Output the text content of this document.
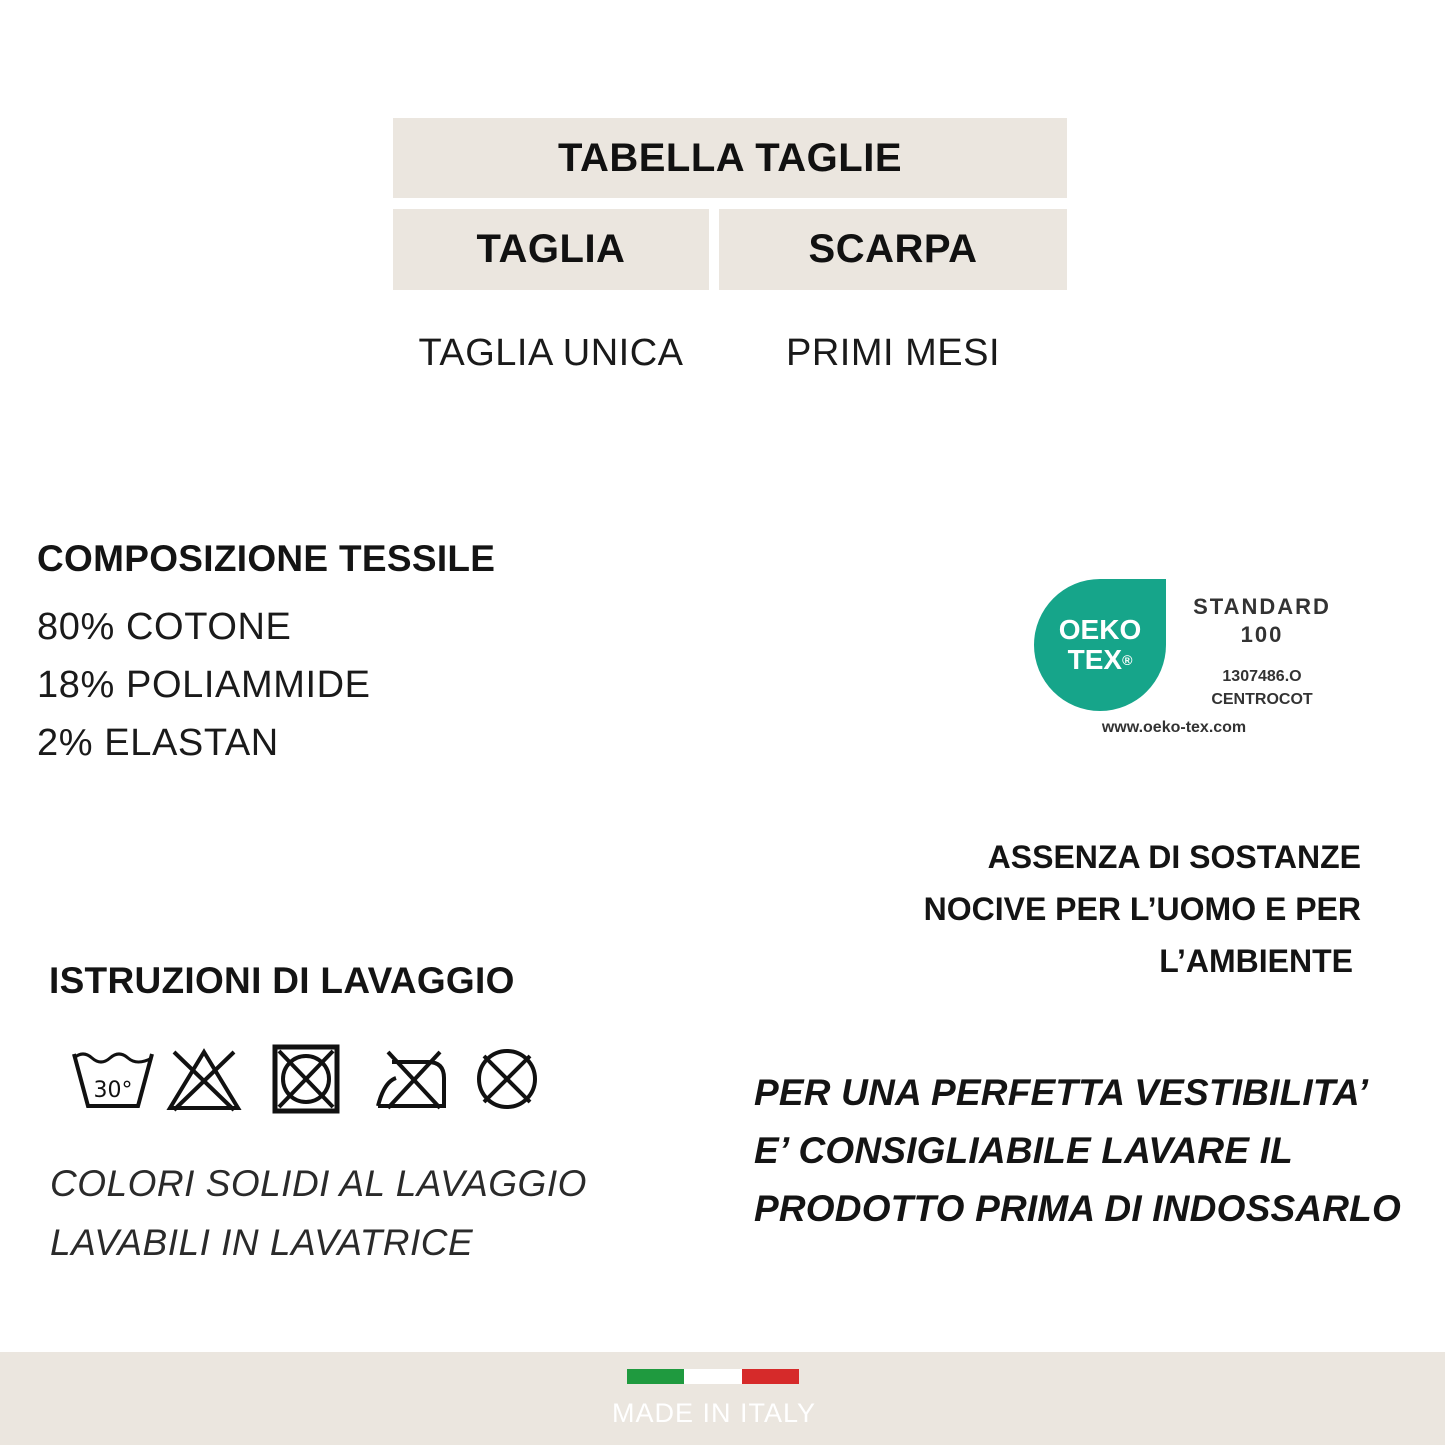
TABELLA TAGLIE
TAGLIA	SCARPA
TAGLIA UNICA	PRIMI MESI
COMPOSIZIONE TESSILE
80% COTONE
18% POLIAMMIDE
2% ELASTAN
OEKO
TEX®
STANDARD
100
1307486.O
CENTROCOT
www.oeko-tex.com
ASSENZA DI SOSTANZE
NOCIVE PER L’UOMO E PER
L’AMBIENTE
ISTRUZIONI DI LAVAGGIO
30°
COLORI SOLIDI AL LAVAGGIO
LAVABILI IN LAVATRICE
PER UNA PERFETTA VESTIBILITA’
E’ CONSIGLIABILE LAVARE IL
PRODOTTO PRIMA DI INDOSSARLO
MADE IN ITALY
